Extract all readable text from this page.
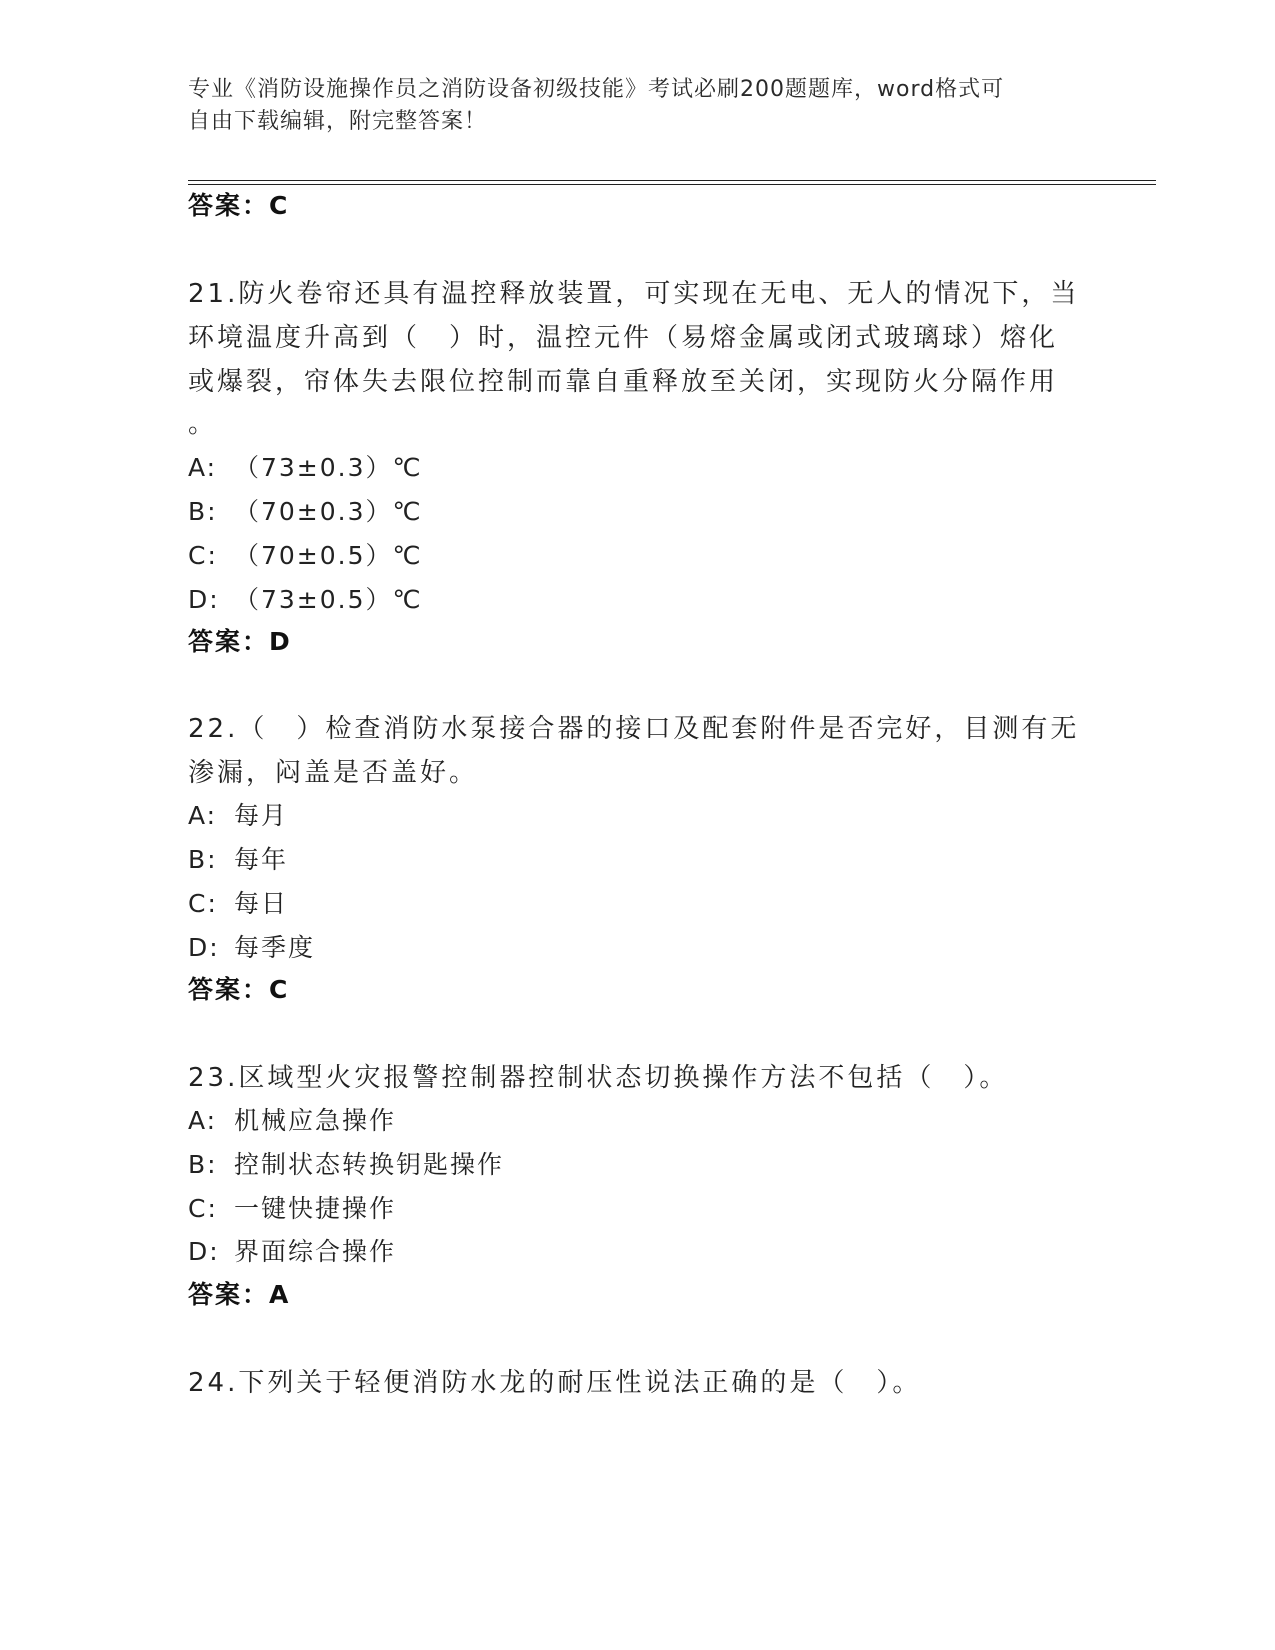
专业《消防设施操作员之消防设备初级技能》考试必刷200题题库，word格式可
自由下载编辑，附完整答案！
答案：C
21.防火卷帘还具有温控释放装置，可实现在无电、无人的情况下，当
环境温度升高到（　）时，温控元件（易熔金属或闭式玻璃球）熔化
或爆裂，帘体失去限位控制而靠自重释放至关闭，实现防火分隔作用
。
A: （73±0.3）℃
B: （70±0.3）℃
C: （70±0.5）℃
D: （73±0.5）℃
答案：D
22.（　）检查消防水泵接合器的接口及配套附件是否完好，目测有无
渗漏，闷盖是否盖好。
A: 每月
B: 每年
C: 每日
D: 每季度
答案：C
23.区域型火灾报警控制器控制状态切换操作方法不包括（　）。
A: 机械应急操作
B: 控制状态转换钥匙操作
C: 一键快捷操作
D: 界面综合操作
答案：A
24.下列关于轻便消防水龙的耐压性说法正确的是（　）。
